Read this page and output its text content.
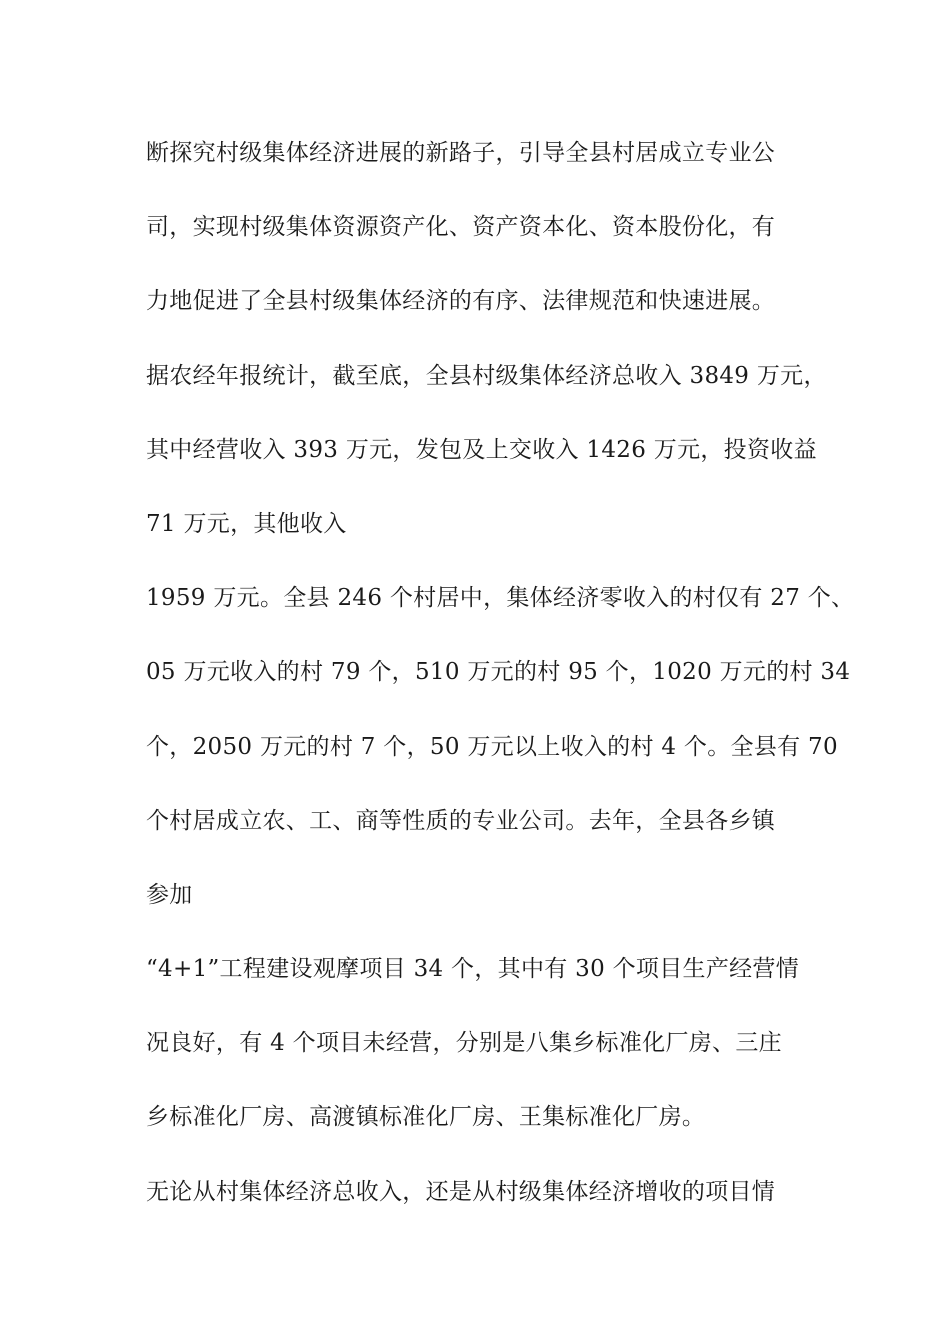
断探究村级集体经济进展的新路子，引导全县村居成立专业公
司，实现村级集体资源资产化、资产资本化、资本股份化，有
力地促进了全县村级集体经济的有序、法律规范和快速进展。
据农经年报统计，截至底，全县村级集体经济总收入 3849 万元，
其中经营收入 393 万元，发包及上交收入 1426 万元，投资收益
71 万元，其他收入
1959 万元。全县 246 个村居中，集体经济零收入的村仅有 27 个、
05 万元收入的村 79 个，510 万元的村 95 个，1020 万元的村 34
个，2050 万元的村 7 个，50 万元以上收入的村 4 个。全县有 70
个村居成立农、工、商等性质的专业公司。去年，全县各乡镇
参加
“4+1”工程建设观摩项目 34 个，其中有 30 个项目生产经营情
况良好，有 4 个项目未经营，分别是八集乡标准化厂房、三庄
乡标准化厂房、高渡镇标准化厂房、王集标准化厂房。
无论从村集体经济总收入，还是从村级集体经济增收的项目情
